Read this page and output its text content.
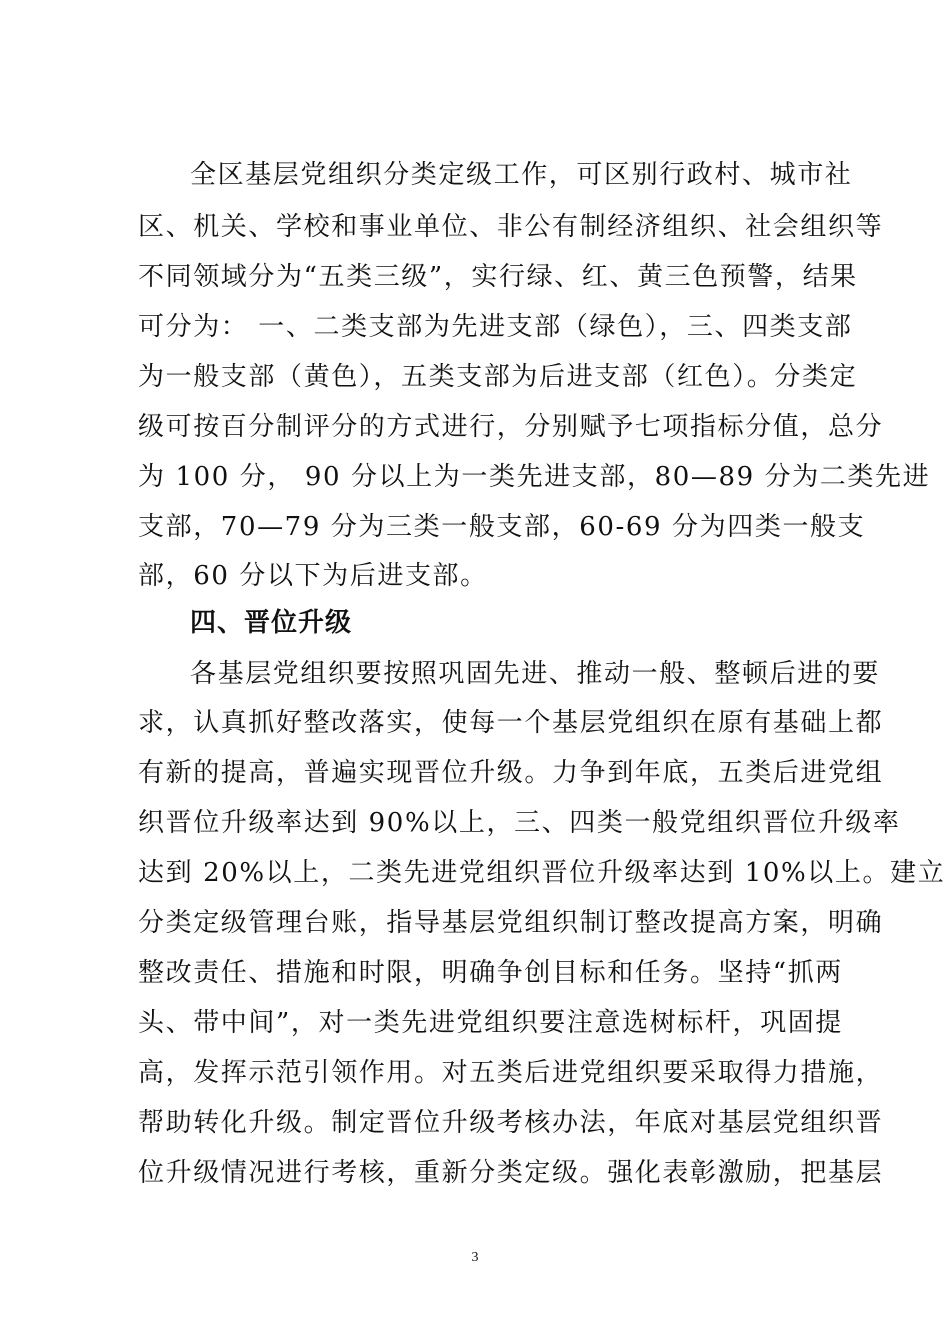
全区基层党组织分类定级工作，可区别行政村、城市社
区、机关、学校和事业单位、非公有制经济组织、社会组织等
不同领域分为“五类三级”，实行绿、红、黄三色预警，结果
可分为： 一、二类支部为先进支部（绿色），三、四类支部
为一般支部（黄色），五类支部为后进支部（红色）。分类定
级可按百分制评分的方式进行，分别赋予七项指标分值，总分
为 100 分， 90 分以上为一类先进支部，80—89 分为二类先进
支部，70—79 分为三类一般支部，60-69 分为四类一般支
部，60 分以下为后进支部。
四、晋位升级
各基层党组织要按照巩固先进、推动一般、整顿后进的要
求，认真抓好整改落实，使每一个基层党组织在原有基础上都
有新的提高，普遍实现晋位升级。力争到年底，五类后进党组
织晋位升级率达到 90%以上，三、四类一般党组织晋位升级率
达到 20%以上，二类先进党组织晋位升级率达到 10%以上。建立
分类定级管理台账，指导基层党组织制订整改提高方案，明确
整改责任、措施和时限，明确争创目标和任务。坚持“抓两
头、带中间”，对一类先进党组织要注意选树标杆，巩固提
高，发挥示范引领作用。对五类后进党组织要采取得力措施，
帮助转化升级。制定晋位升级考核办法，年底对基层党组织晋
位升级情况进行考核，重新分类定级。强化表彰激励，把基层
3
